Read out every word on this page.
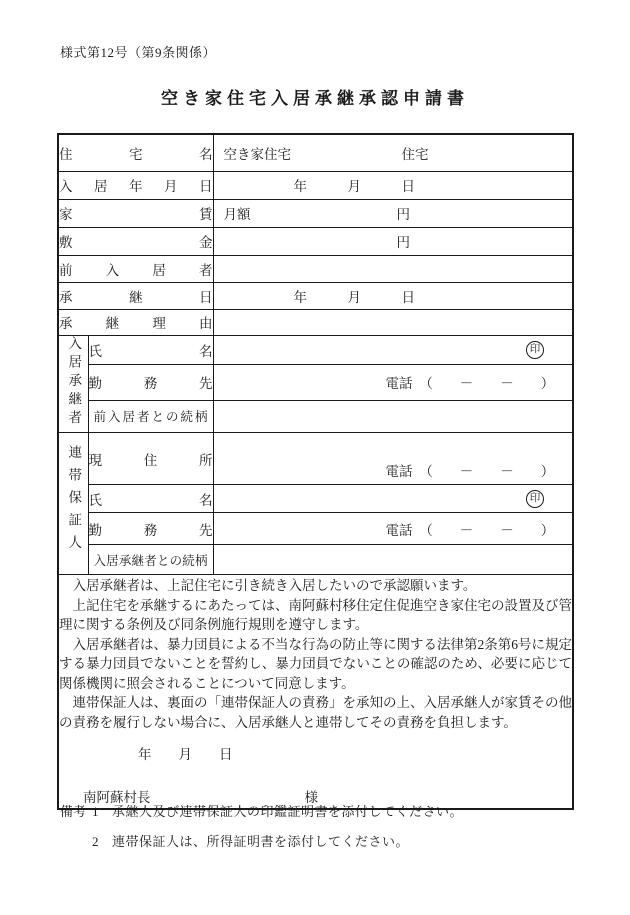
様式第12号（第9条関係）
空き家住宅入居承継承認申請書
住宅名		空き家住宅 住宅

入居年月日		年　　　月　　　日

家賃		月額 円

敷金		円

前入居者		
承継日		年　　　月　　　日

承継理由		
入居承継者	氏名	印

	勤務先	電話　（　　－　　－　　）

	前入居者との続柄	
連帯保証人	現住所	電話　（　　－　　－　　）

	氏名	印

	勤務先	電話　（　　－　　－　　）

	入居承継者との続柄	

入居承継者は、上記住宅に引き続き入居したいので承認願います。

上記住宅を承継するにあたっては、南阿蘇村移住定住促進空き家住宅の設置及び管理に関する条例及び同条例施行規則を遵守します。

入居承継者は、暴力団員による不当な行為の防止等に関する法律第2条第6号に規定する暴力団員でないことを誓約し、暴力団員でないことの確認のため、必要に応じて関係機関に照会されることについて同意します。

連帯保証人は、裏面の「連帯保証人の責務」を承知の上、入居承継人が家賃その他の責務を履行しない場合に、入居承継人と連帯してその責務を負担します。

年　　月　　日
南阿蘇村長	様
備考 1	承継人及び連帯保証人の印鑑証明書を添付してください。
2	連帯保証人は、所得証明書を添付してください。
